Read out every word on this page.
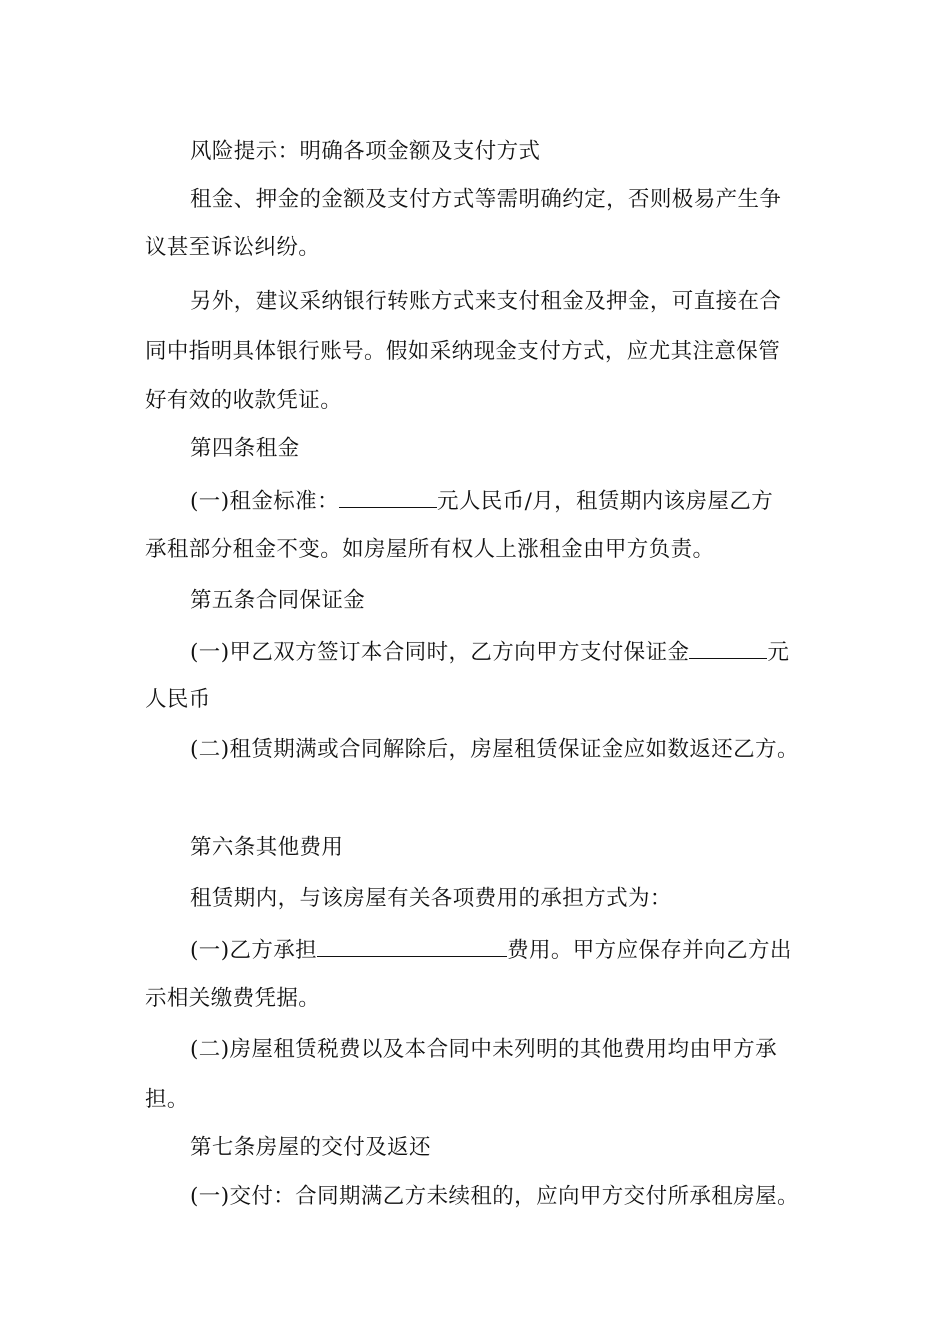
风险提示：明确各项金额及支付方式
租金、押金的金额及支付方式等需明确约定，否则极易产生争
议甚至诉讼纠纷。
另外，建议采纳银行转账方式来支付租金及押金，可直接在合
同中指明具体银行账号。假如采纳现金支付方式，应尤其注意保管
好有效的收款凭证。
第四条租金
(一)租金标准：	元人民币/月，租赁期内该房屋乙方
承租部分租金不变。如房屋所有权人上涨租金由甲方负责。
第五条合同保证金
(一)甲乙双方签订本合同时，乙方向甲方支付保证金	元
人民币
(二)租赁期满或合同解除后，房屋租赁保证金应如数返还乙方。
第六条其他费用
租赁期内，与该房屋有关各项费用的承担方式为：
(一)乙方承担	费用。甲方应保存并向乙方出
示相关缴费凭据。
(二)房屋租赁税费以及本合同中未列明的其他费用均由甲方承
担。
第七条房屋的交付及返还
(一)交付：合同期满乙方未续租的，应向甲方交付所承租房屋。
